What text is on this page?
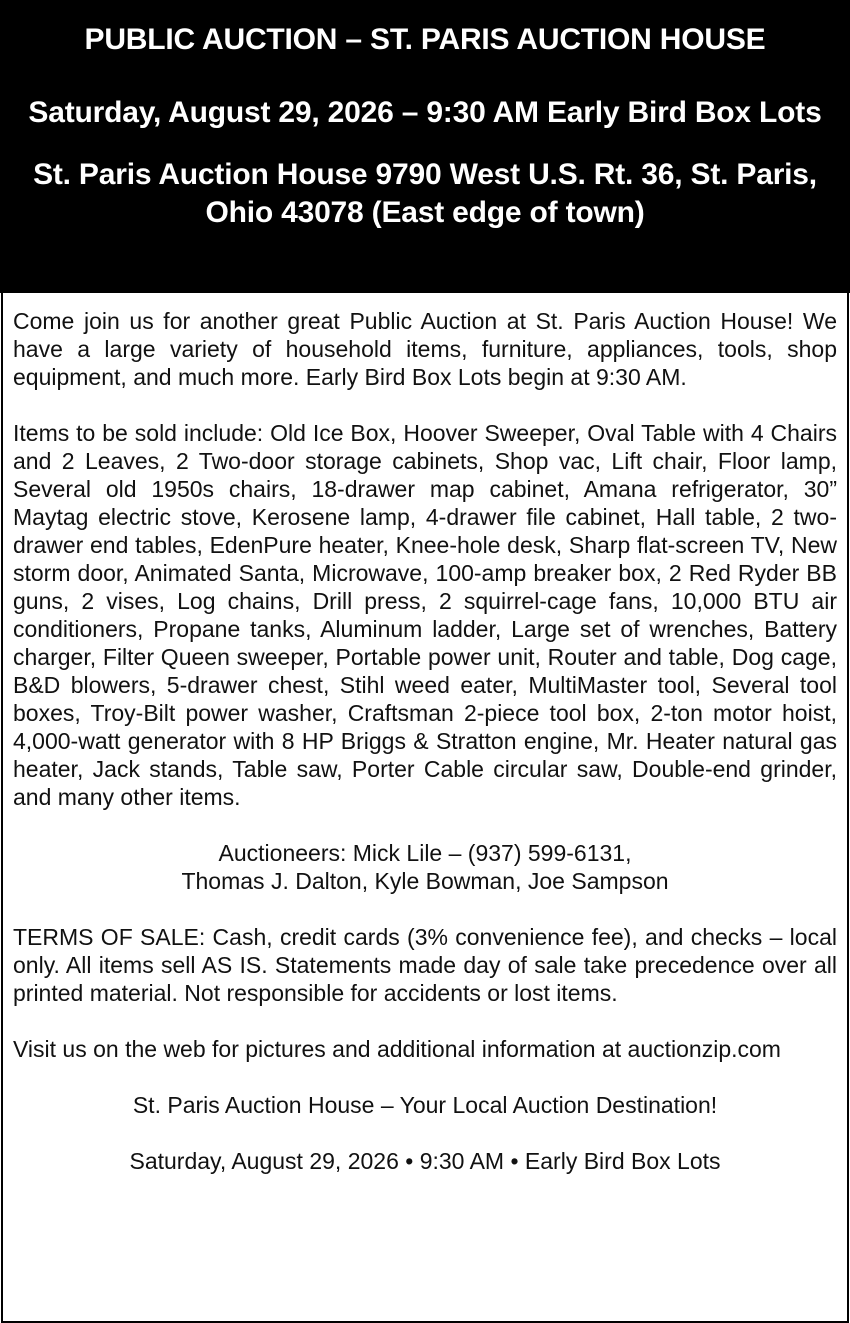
PUBLIC AUCTION – ST. PARIS AUCTION HOUSE
Saturday, August 29, 2026 – 9:30 AM Early Bird Box Lots
St. Paris Auction House 9790 West U.S. Rt. 36, St. Paris, Ohio 43078 (East edge of town)

Come join us for another great Public Auction at St. Paris Auction House! We have a large variety of household items, furniture, appliances, tools, shop equipment, and much more. Early Bird Box Lots begin at 9:30 AM.

Items to be sold include: Old Ice Box, Hoover Sweeper, Oval Table with 4 Chairs and 2 Leaves, 2 Two-door storage cabinets, Shop vac, Lift chair, Floor lamp, Several old 1950s chairs, 18-drawer map cabinet, Amana refrigerator, 30” Maytag electric stove, Kerosene lamp, 4-drawer file cabinet, Hall table, 2 two-drawer end tables, EdenPure heater, Knee-hole desk, Sharp flat-screen TV, New storm door, Animated Santa, Microwave, 100-amp breaker box, 2 Red Ryder BB guns, 2 vises, Log chains, Drill press, 2 squirrel-cage fans, 10,000 BTU air conditioners, Propane tanks, Aluminum ladder, Large set of wrenches, Battery charger, Filter Queen sweeper, Portable power unit, Router and table, Dog cage, B&D blowers, 5-drawer chest, Stihl weed eater, MultiMaster tool, Several tool boxes, Troy-Bilt power washer, Craftsman 2-piece tool box, 2-ton motor hoist, 4,000-watt generator with 8 HP Briggs & Stratton engine, Mr. Heater natural gas heater, Jack stands, Table saw, Porter Cable circular saw, Double-end grinder, and many other items.

Auctioneers: Mick Lile – (937) 599-6131,
Thomas J. Dalton, Kyle Bowman, Joe Sampson

TERMS OF SALE: Cash, credit cards (3% convenience fee), and checks – local only. All items sell AS IS. Statements made day of sale take precedence over all printed material. Not responsible for accidents or lost items.

Visit us on the web for pictures and additional information at auctionzip.com

St. Paris Auction House – Your Local Auction Destination!

Saturday, August 29, 2026 • 9:30 AM • Early Bird Box Lots
